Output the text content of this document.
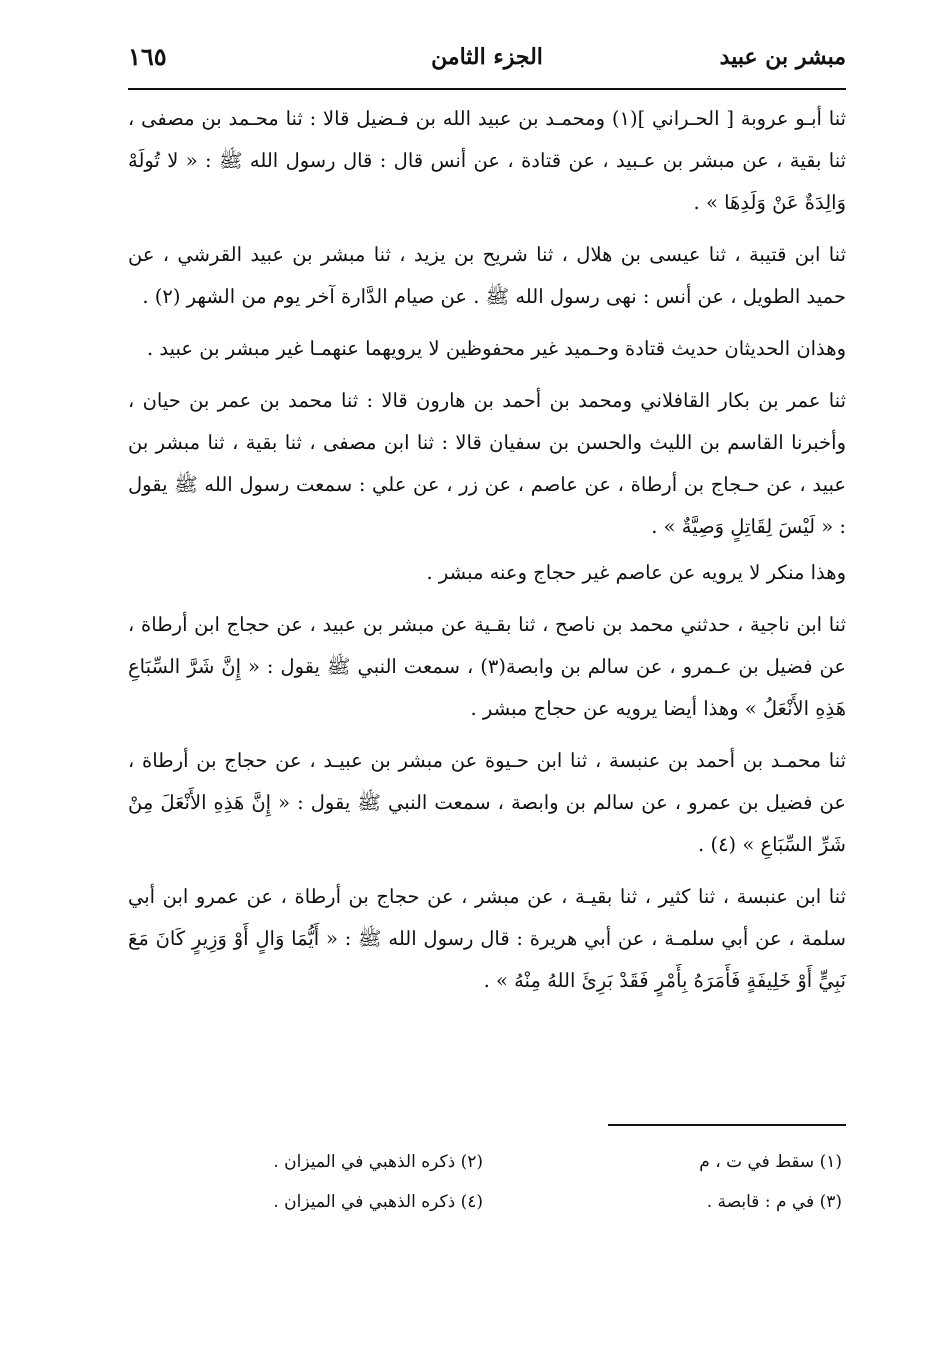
مبشر بن عبيد
الجزء الثامن
١٦٥

ثنا أبـو عروبة [ الحـراني ](١) ومحمـد بن عبيد الله بن فـضيل قالا : ثنا محـمد بن مصفى ، ثنا بقية ، عن مبشر بن عـبيد ، عن قتادة ، عن أنس قال : قال رسول الله ﷺ : « لا تُولَهْ وَالِدَةٌ عَنْ وَلَدِهَا » .

ثنا ابن قتيبة ، ثنا عيسى بن هلال ، ثنا شريح بن يزيد ، ثنا مبشر بن عبيد القرشي ، عن حميد الطويل ، عن أنس : نهى رسول الله ﷺ . عن صيام الدَّارة آخر يوم من الشهر (٢) .

وهذان الحديثان حديث قتادة وحـميد غير محفوظين لا يرويهما عنهمـا غير مبشر بن عبيد .

ثنا عمر بن بكار القافلاني ومحمد بن أحمد بن هارون قالا : ثنا محمد بن عمر بن حيان ، وأخبرنا القاسم بن الليث والحسن بن سفيان قالا : ثنا ابن مصفى ، ثنا بقية ، ثنا مبشر بن عبيد ، عن حـجاج بن أرطاة ، عن عاصم ، عن زر ، عن علي : سمعت رسول الله ﷺ يقول : « لَيْسَ لِقَاتِلٍ وَصِيَّةٌ » .

وهذا منكر لا يرويه عن عاصم غير حجاج وعنه مبشر .

ثنا ابن ناجية ، حدثني محمد بن ناصح ، ثنا بقـية عن مبشر بن عبيد ، عن حجاج ابن أرطاة ، عن فضيل بن عـمرو ، عن سالم بن وابصة(٣) ، سمعت النبي ﷺ يقول : « إِنَّ شَرَّ السِّبَاعِ هَذِهِ الأَنْعَلُ » وهذا أيضا يرويه عن حجاج مبشر .

ثنا محمـد بن أحمد بن عنبسة ، ثنا ابن حـيوة عن مبشر بن عبيـد ، عن حجاج بن أرطاة ، عن فضيل بن عمرو ، عن سالم بن وابصة ، سمعت النبي ﷺ يقول : « إِنَّ هَذِهِ الأَنْعَلَ مِنْ شَرِّ السِّبَاعِ » (٤) .

ثنا ابن عنبسة ، ثنا كثير ، ثنا بقيـة ، عن مبشر ، عن حجاج بن أرطاة ، عن عمرو ابن أبي سلمة ، عن أبي سلمـة ، عن أبي هريرة : قال رسول الله ﷺ : « أَيُّمَا وَالٍ أَوْ وَزِيرٍ كَانَ مَعَ نَبِيٍّ أَوْ خَلِيفَةٍ فَأَمَرَهُ بِأَمْرٍ فَقَدْ بَرِئَ اللهُ مِنْهُ » .

(١) سقط في ت ، م
(٢) ذكره الذهبي في الميزان .
(٣) في م : قابصة .
(٤) ذكره الذهبي في الميزان .
